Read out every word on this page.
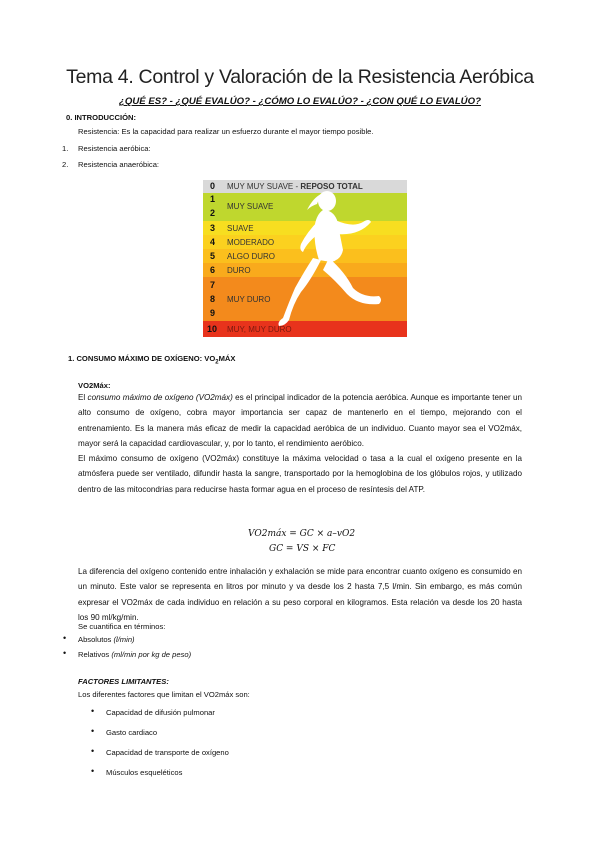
Tema 4. Control y Valoración de la Resistencia Aeróbica
¿QUÉ ES? - ¿QUÉ EVALÚO? - ¿CÓMO LO EVALÚO? - ¿CON QUÉ LO EVALÚO?
0. INTRODUCCIÓN:
Resistencia: Es la capacidad para realizar un esfuerzo durante el mayor tiempo posible.
1. Resistencia aeróbica:
2. Resistencia anaeróbica:
0
1
2
3
4
5
6
7
8
9
10
MUY MUY SUAVE - REPOSO TOTAL
MUY SUAVE
SUAVE
MODERADO
ALGO DURO
DURO
MUY DURO
MUY, MUY DURO
1. CONSUMO MÁXIMO DE OXÍGENO: $VO_2MÁX$
VO2Máx:

El consumo máximo de oxígeno (VO2máx) es el principal indicador de la potencia aeróbica. Aunque es importante tener un alto consumo de oxígeno, cobra mayor importancia ser capaz de mantenerlo en el tiempo, mejorando con el entrenamiento. Es la manera más eficaz de medir la capacidad aeróbica de un individuo. Cuanto mayor sea el VO2máx, mayor será la capacidad cardiovascular, y, por lo tanto, el rendimiento aeróbico.

El máximo consumo de oxígeno (VO2máx) constituye la máxima velocidad o tasa a la cual el oxígeno presente en la atmósfera puede ser ventilado, difundir hasta la sangre, transportado por la hemoglobina de los glóbulos rojos, y utilizado dentro de las mitocondrias para reducirse hasta formar agua en el proceso de resíntesis del ATP.

VO2máx = GC × a–vO2
GC = VS × FC

La diferencia del oxígeno contenido entre inhalación y exhalación se mide para encontrar cuanto oxígeno es consumido en un minuto. Este valor se representa en litros por minuto y va desde los 2 hasta 7,5 l/min. Sin embargo, es más común expresar el VO2máx de cada individuo en relación a su peso corporal en kilogramos. Esta relación va desde los 20 hasta los 90 ml/kg/min.

Se cuantifica en términos:
• Absolutos (l/min)
• Relativos (ml/min por kg de peso)
FACTORES LIMITANTES:
Los diferentes factores que limitan el VO2máx son:
• Capacidad de difusión pulmonar
• Gasto cardiaco
• Capacidad de transporte de oxígeno
• Músculos esqueléticos
